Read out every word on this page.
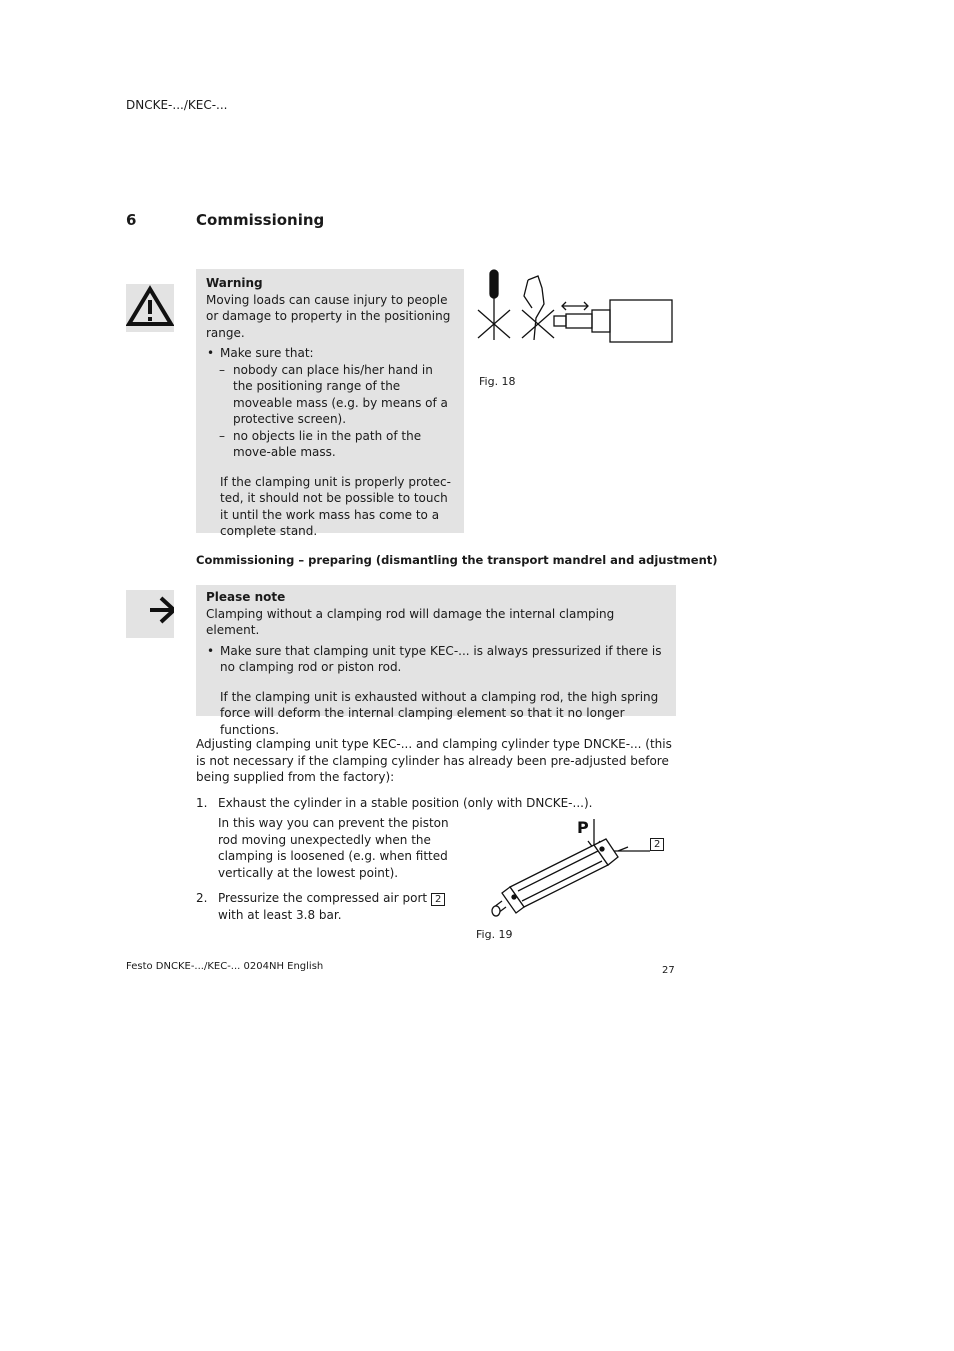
DNCKE-.../KEC-...
6	Commissioning
Warning
Moving loads can cause injury to people or damage to property in the positioning range.
• Make sure that:
– nobody can place his/her hand in the positioning range of the moveable mass (e.g. by means of a protective screen).
– no objects lie in the path of the move-able mass.
If the clamping unit is properly protec-ted, it should not be possible to touch it until the work mass has come to a complete stand.
Fig. 18
Commissioning – preparing (dismantling the transport mandrel and adjustment)
Please note
Clamping without a clamping rod will damage the internal clamping element.
• Make sure that clamping unit type KEC-... is always pressurized if there is no clamping rod or piston rod.
If the clamping unit is exhausted without a clamping rod, the high spring force will deform the internal clamping element so that it no longer functions.
Adjusting clamping unit type KEC-... and clamping cylinder type DNCKE-... (this is not necessary if the clamping cylinder has already been pre-adjusted before being supplied from the factory):
1. Exhaust the cylinder in a stable position (only with DNCKE-...).
In this way you can prevent the piston rod moving unexpectedly when the clamping is loosened (e.g. when fitted vertically at the lowest point).
2. Pressurize the compressed air port 2
with at least 3.8 bar.
P
2
Fig. 19
Festo DNCKE-.../KEC-... 0204NH English	27
